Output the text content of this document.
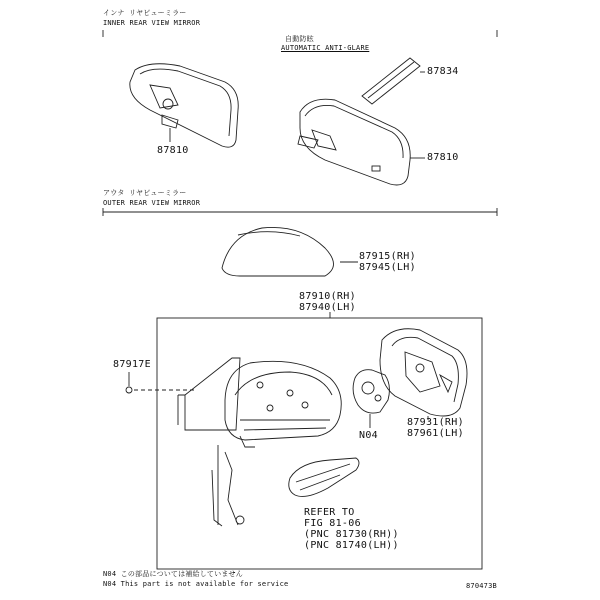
インナ リヤビューミラー
INNER REAR VIEW MIRROR
自動防眩
AUTOMATIC ANTI-GLARE
87834
87810
87810
アウタ リヤビューミラー
OUTER REAR VIEW MIRROR
87915(RH)
87945(LH)
87910(RH)
87940(LH)
87917E
N04
87931(RH)
87961(LH)
REFER TO
FIG 81-06
(PNC 81730(RH))
(PNC 81740(LH))
N04 この部品については補給していません
N04 This part is not available for service	870473B
